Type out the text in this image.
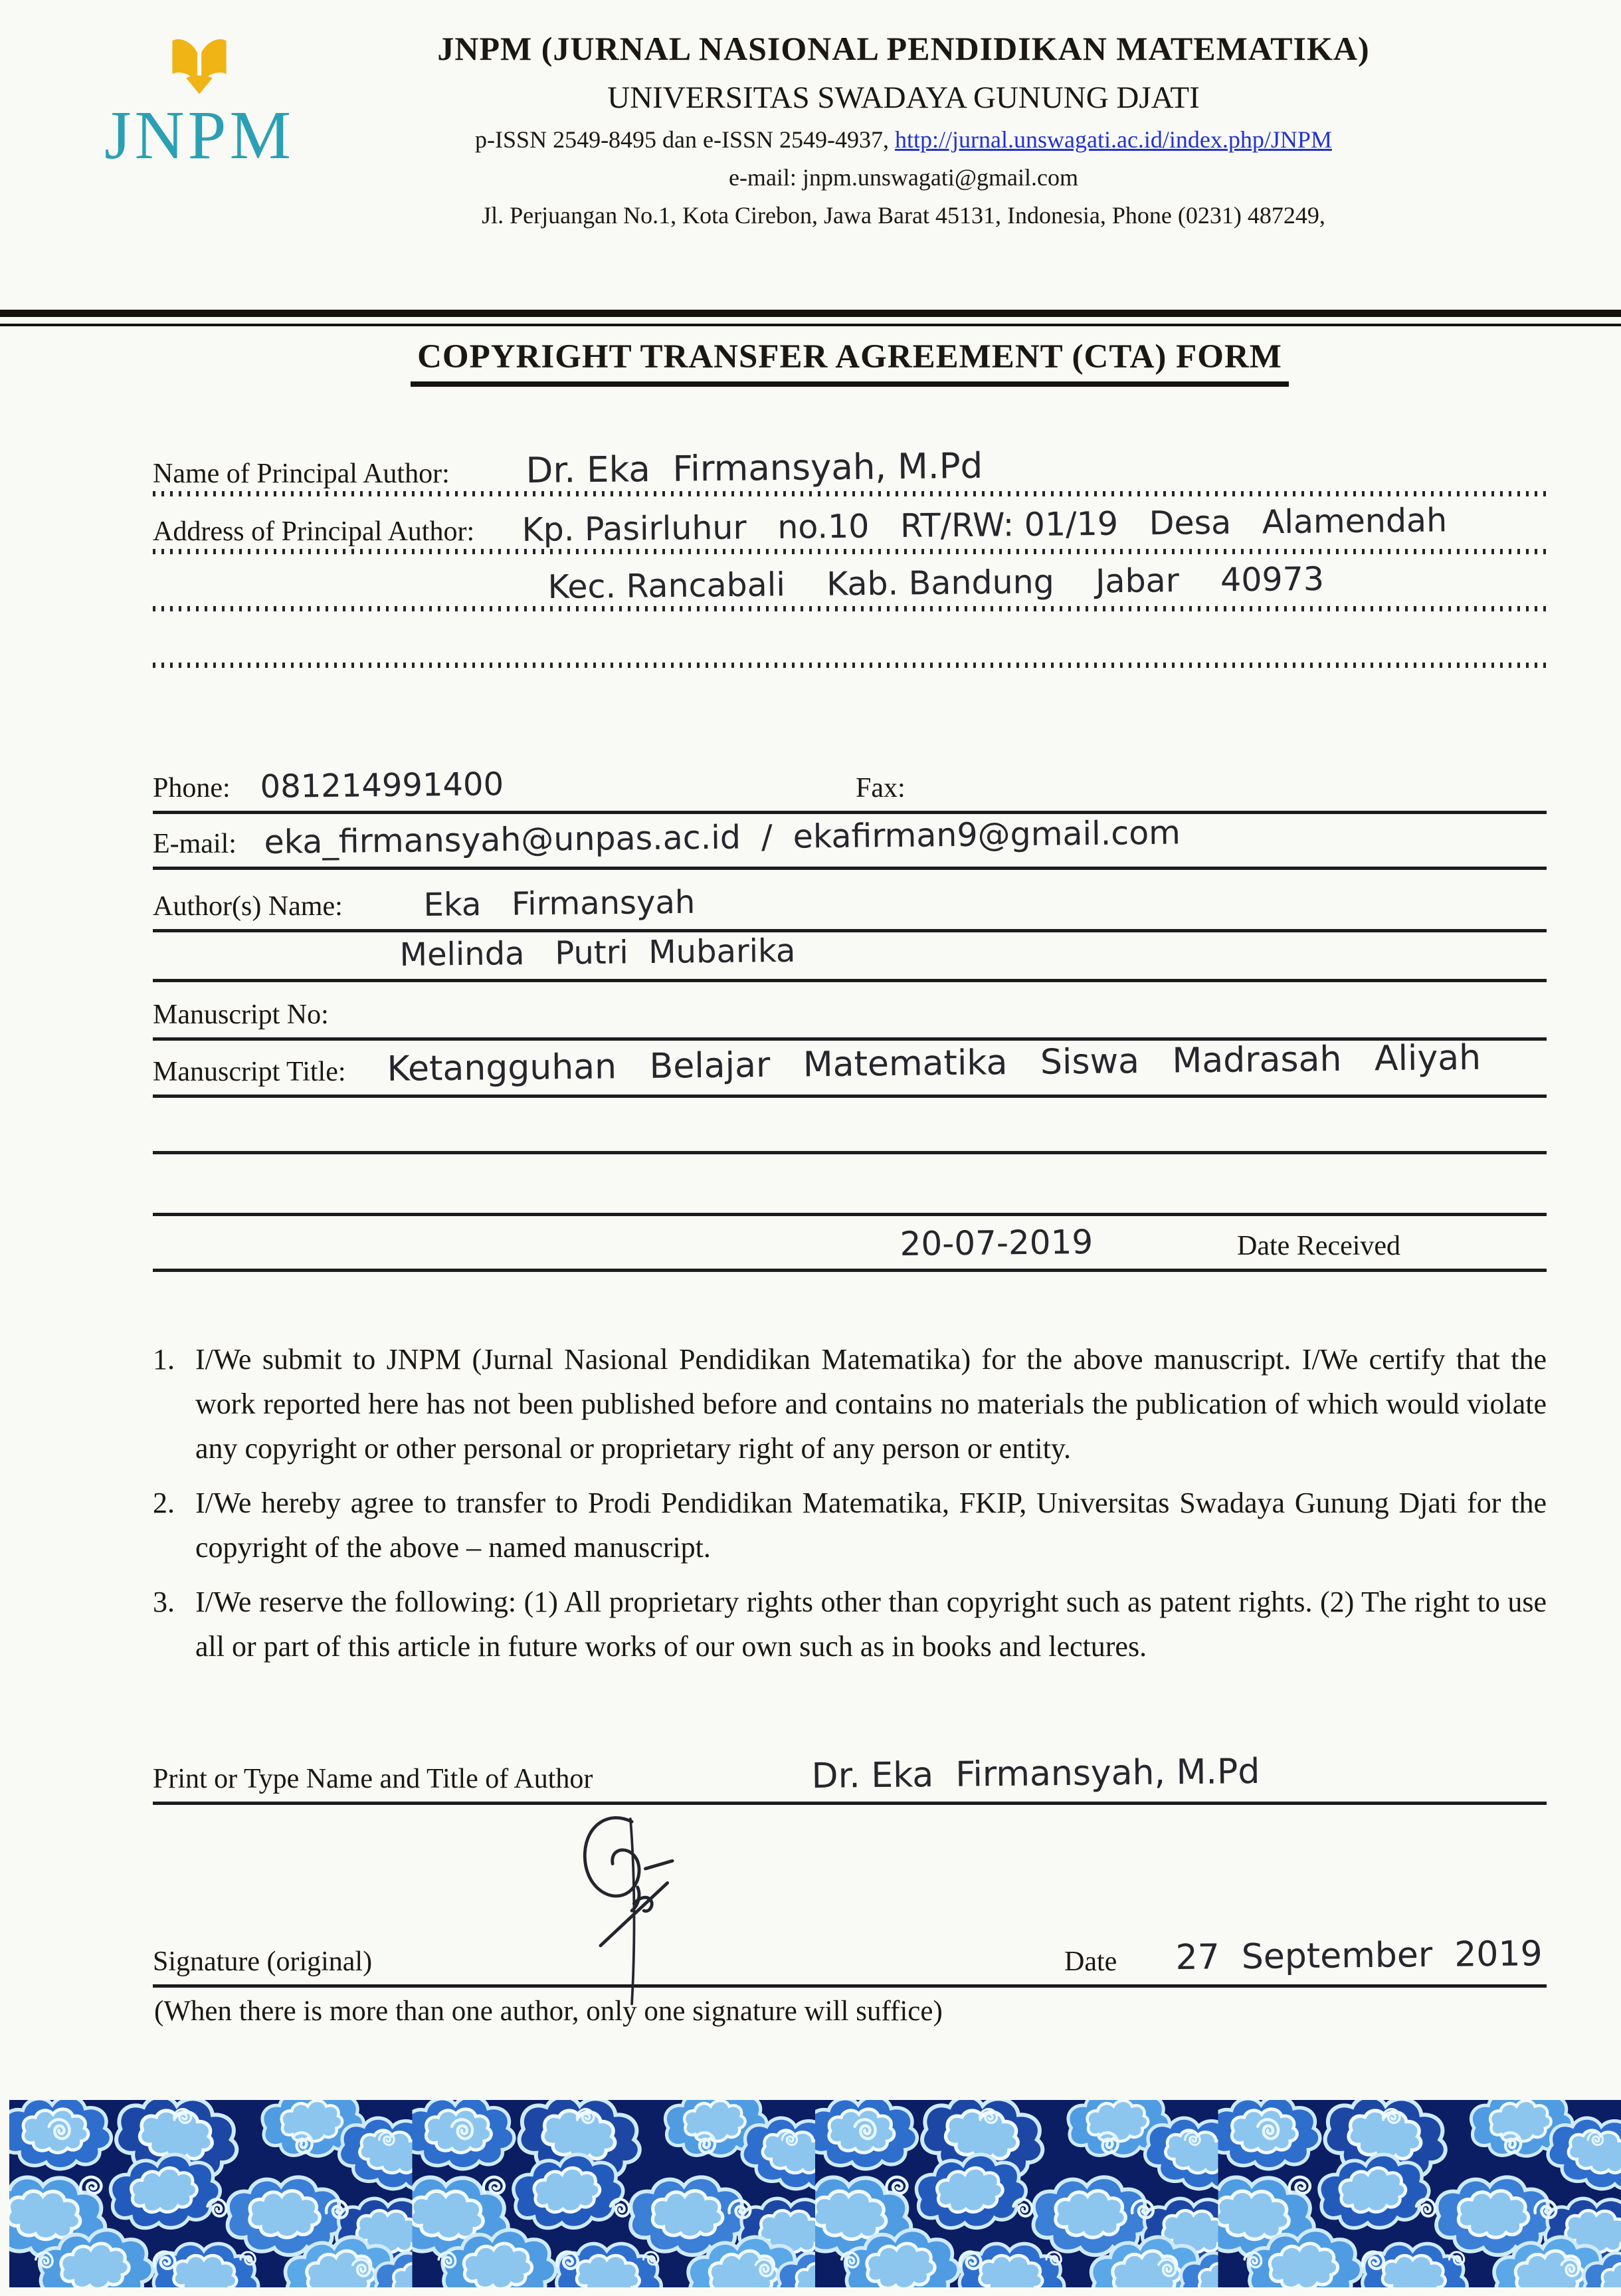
JNPM
JNPM (JURNAL NASIONAL PENDIDIKAN MATEMATIKA)
UNIVERSITAS SWADAYA GUNUNG DJATI
p-ISSN 2549-8495 dan e-ISSN 2549-4937, http://jurnal.unswagati.ac.id/index.php/JNPM
e-mail: jnpm.unswagati@gmail.com
Jl. Perjuangan No.1, Kota Cirebon, Jawa Barat 45131, Indonesia, Phone (0231) 487249,
COPYRIGHT TRANSFER AGREEMENT (CTA) FORM
Name of Principal Author: Dr. Eka  Firmansyah, M.Pd
Address of Principal Author: Kp. Pasirluhur   no.10   RT/RW: 01/19   Desa   Alamendah
Kec. Rancabali    Kab. Bandung    Jabar    40973
Phone: 081214991400	Fax:
E-mail: eka_firmansyah@unpas.ac.id  /  ekafirman9@gmail.com
Author(s) Name:	Eka   Firmansyah
Melinda   Putri  Mubarika
Manuscript No:
Manuscript Title: Ketangguhan   Belajar   Matematika   Siswa   Madrasah   Aliyah
20-07-2019	Date Received
1. I/We submit to JNPM (Jurnal Nasional Pendidikan Matematika) for the above manuscript. I/We certify that the work reported here has not been published before and contains no materials the publication of which would violate any copyright or other personal or proprietary right of any person or entity.
2. I/We hereby agree to transfer to Prodi Pendidikan Matematika, FKIP, Universitas Swadaya Gunung Djati for the copyright of the above – named manuscript.
3. I/We reserve the following: (1) All proprietary rights other than copyright such as patent rights. (2) The right to use all or part of this article in future works of our own such as in books and lectures.
Print or Type Name and Title of Author	Dr. Eka  Firmansyah, M.Pd
Signature (original)	Date 27  September  2019
(When there is more than one author, only one signature will suffice)
